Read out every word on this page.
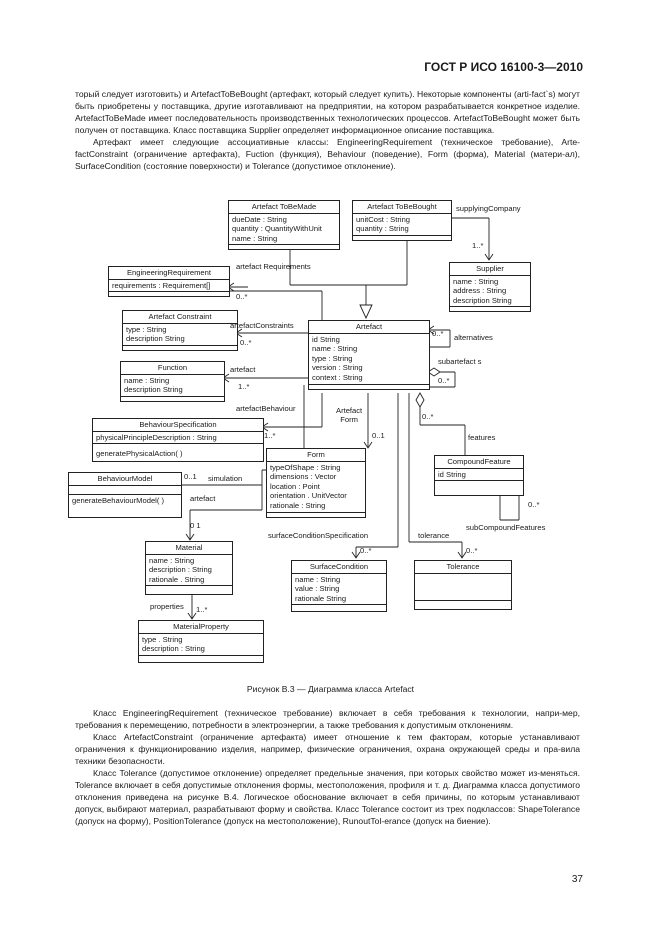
ГОСТ Р ИСО 16100-3—2010

торый следует изготовить) и ArtefactToBeBought (артефакт, который следует купить). Некоторые компоненты (arti-fact`s) могут быть приобретены у поставщика, другие изготавливают на предприятии, на котором разрабатывается конкретное изделие. ArtefactToBeMade имеет последовательность производственных технологических процессов. ArtefactToBeBought может быть получен от поставщика. Класс поставщика Supplier определяет информационное описание поставщика.

Артефакт имеет следующие ассоциативные классы: EngineeringRequirement (техническое требование), Arte-factConstraint (ограничение артефакта), Fuction (функция), Behaviour (поведение), Form (форма), Material (матери-ал), SurfaceCondition (состояние поверхности) и Tolerance (допустимое отклонение).

Artefact ToBeMade
dueDate : String
quantity : QuantityWithUnit
name : String
Artefact ToBeBought
unitCost : String
quantity : String
Supplier
name : String
address : String
description String
EngineeringRequirement
requirements : Requirement[]
Artefact Constraint
type : String
description String
Artefact
id String
name : String
type : String
version : String
context : String
Function
name : String
description String
BehaviourSpecification
physicalPrincipleDescription : String
generatePhysicalAction( )	Form
typeOfShape : String
dimensions : Vector
location : Point
orientation . UnitVector
rationale : String
CompoundFeature
id String
BehaviourModel
generateBehaviourModel( )
Material
name : String
description : String
rationale . String
SurfaceCondition
name : String
value : String
rationale String
Tolerance
MaterialProperty
type . String
description : String
supplyingCompany
1..*
artefact Requirements
0..*
artefactConstraints
0..*
artefact
1..*
0..* alternatives
subartefact s
0..*
artefactBehaviour
1..*
Artefact
Form
0..1
0..*
features
0..1 simulation
artefact
0 1
0..*
subCompoundFeatures
surfaceConditionSpecification
0..*
tolerance
0..*
properties 1..*
Рисунок В.3 — Диаграмма класса Artefact

Класс EngineeringRequirement (техническое требование) включает в себя требования к технологии, напри-мер, требования к перемещению, потребности в электроэнергии, а также требования к допустимым отклонениям.

Класс ArtefactConstraint (ограничение артефакта) имеет отношение к тем факторам, которые устанавливают ограничения к функционированию изделия, например, физические ограничения, охрана окружающей среды и пра-вила техники безопасности.

Класс Tolerance (допустимое отклонение) определяет предельные значения, при которых свойство может из-меняться. Tolerance включает в себя допустимые отклонения формы, местоположения, профиля и т. д. Диаграмма класса допустимого отклонения приведена на рисунке В.4. Логическое обоснование включает в себя причины, по которым устанавливают допуск, выбирают материал, разрабатывают форму и свойства. Класс Tolerance состоит из трех подклассов: ShapeTolerance (допуск на форму), PositionTolerance (допуск на местоположение), RunoutTol-erance (допуск на биение).

37
